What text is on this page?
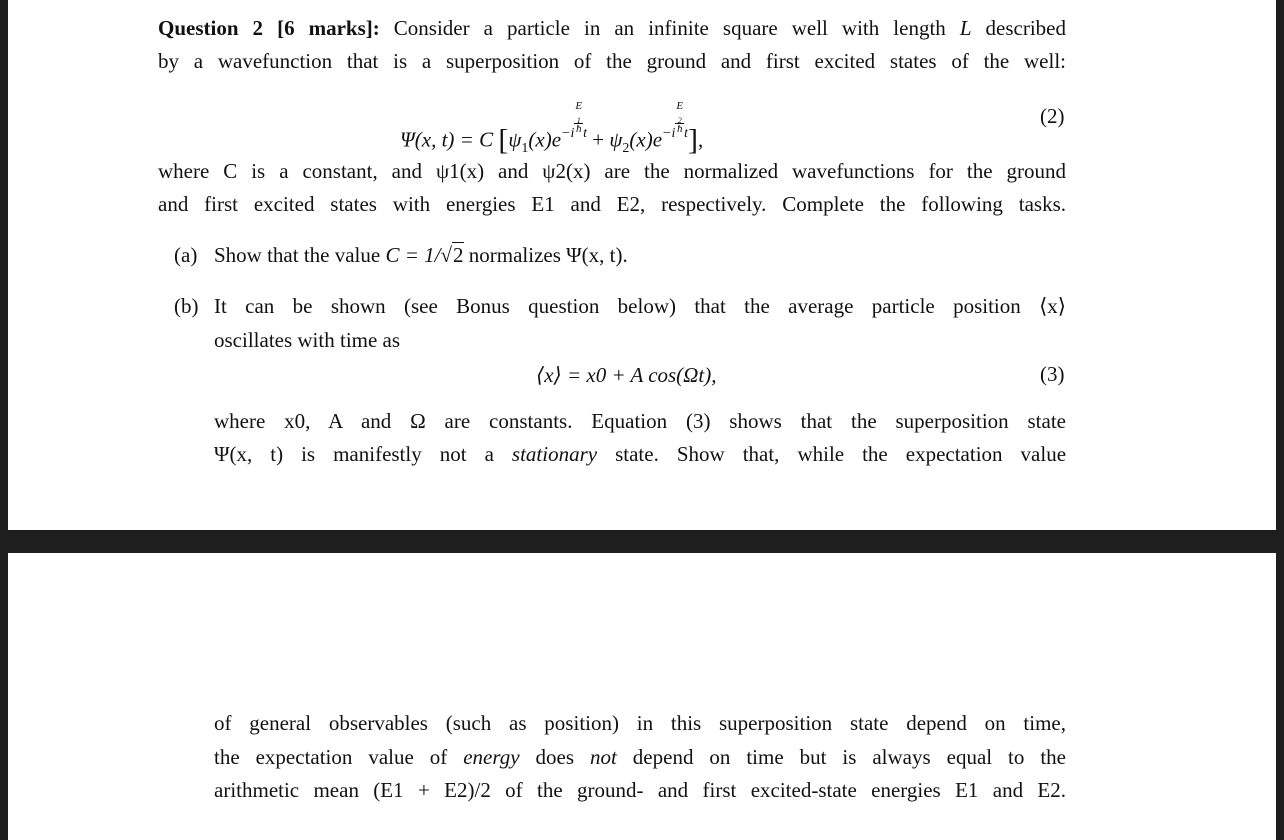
Question 2 [6 marks]: Consider a particle in an infinite square well with length L described
by a wavefunction that is a superposition of the ground and first excited states of the well:
Ψ(x, t) = C $[\psi_1(x)e^{-i E _1 ħ t} + \psi_2(x)e^{-i E _2 ħ t}]$,
(2)
where C is a constant, and ψ1(x) and ψ2(x) are the normalized wavefunctions for the ground
and first excited states with energies E1 and E2, respectively. Complete the following tasks.
(a) Show that the value C = 1/√2 normalizes Ψ(x, t).
(b) It can be shown (see Bonus question below) that the average particle position ⟨x⟩
oscillates with time as
⟨x⟩ = x0 + A cos(Ωt),	(3)
where x0, A and Ω are constants. Equation (3) shows that the superposition state
Ψ(x, t) is manifestly not a stationary state. Show that, while the expectation value
of general observables (such as position) in this superposition state depend on time,
the expectation value of energy does not depend on time but is always equal to the
arithmetic mean (E1 + E2)/2 of the ground- and first excited-state energies E1 and E2.
